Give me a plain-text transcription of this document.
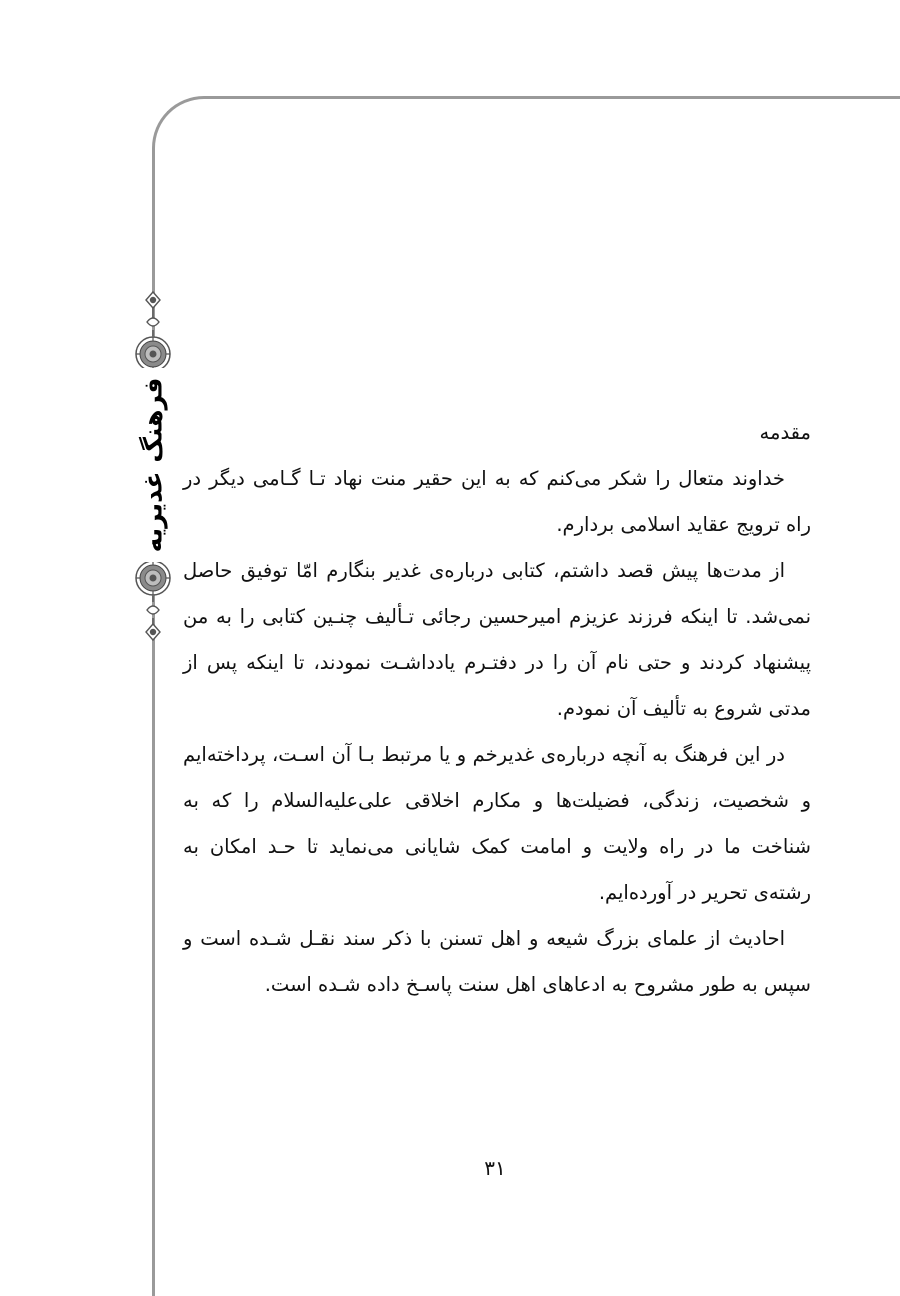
فرهنگ غدیریه	مقدمه

خداوند متعال را شکر می‌کنم که به این حقیر منت نهاد تـا گـامی دیگر در راه ترویج عقاید اسلامی بردارم.

از مدت‌ها پیش قصد داشتم، کتابی درباره‌ی غدیر بنگارم امّا توفیق حاصل نمی‌شد. تا اینکه فرزند عزیزم امیرحسین رجائی تـألیف چنـین کتابی را به من پیشنهاد کردند و حتی نام آن را در دفتـرم یادداشـت نمودند، تا اینکه پس از مدتی شروع به تألیف آن نمودم.

در این فرهنگ به آنچه درباره‌ی غدیرخم و یا مرتبط بـا آن اسـت، پرداخته‌ایم و شخصیت، زندگی، فضیلت‌ها و مکارم اخلاقی علی‌علیه‌السلام را که به شناخت ما در راه ولایت و امامت کمک شایانی می‌نماید تا حـد امکان به رشته‌ی تحریر در آورده‌ایم.

احادیث از علمای بزرگ شیعه و اهل تسنن با ذکر سند نقـل شـده است و سپس به طور مشروح به ادعاهای اهل سنت پاسـخ داده شـده است.

۳۱
